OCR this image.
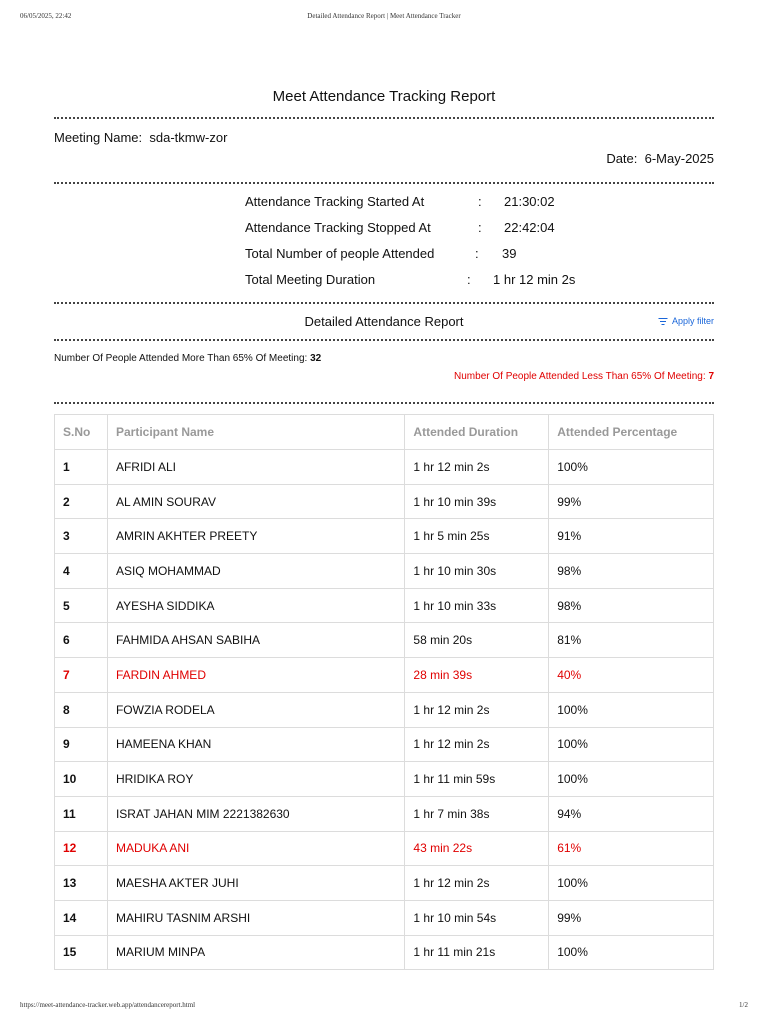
06/05/2025, 22:42	Detailed Attendance Report | Meet Attendance Tracker
Meet Attendance Tracking Report
Meeting Name: sda-tkmw-zor
Date: 6-May-2025
Attendance Tracking Started At	: 21:30:02
Attendance Tracking Stopped At	: 22:42:04
Total Number of people Attended	: 39
Total Meeting Duration	: 1 hr 12 min 2s
Detailed Attendance Report	Apply filter
Number Of People Attended More Than 65% Of Meeting: 32
Number Of People Attended Less Than 65% Of Meeting: 7
S.No	Participant Name	Attended Duration	Attended Percentage
1	AFRIDI ALI	1 hr 12 min 2s	100%
2	AL AMIN SOURAV	1 hr 10 min 39s	99%
3	AMRIN AKHTER PREETY	1 hr 5 min 25s	91%
4	ASIQ MOHAMMAD	1 hr 10 min 30s	98%
5	AYESHA SIDDIKA	1 hr 10 min 33s	98%
6	FAHMIDA AHSAN SABIHA	58 min 20s	81%
7	FARDIN AHMED	28 min 39s	40%
8	FOWZIA RODELA	1 hr 12 min 2s	100%
9	HAMEENA KHAN	1 hr 12 min 2s	100%
10	HRIDIKA ROY	1 hr 11 min 59s	100%
11	ISRAT JAHAN MIM 2221382630	1 hr 7 min 38s	94%
12	MADUKA ANI	43 min 22s	61%
13	MAESHA AKTER JUHI	1 hr 12 min 2s	100%
14	MAHIRU TASNIM ARSHI	1 hr 10 min 54s	99%
15	MARIUM MINPA	1 hr 11 min 21s	100%
https://meet-attendance-tracker.web.app/attendancereport.html	1/2
